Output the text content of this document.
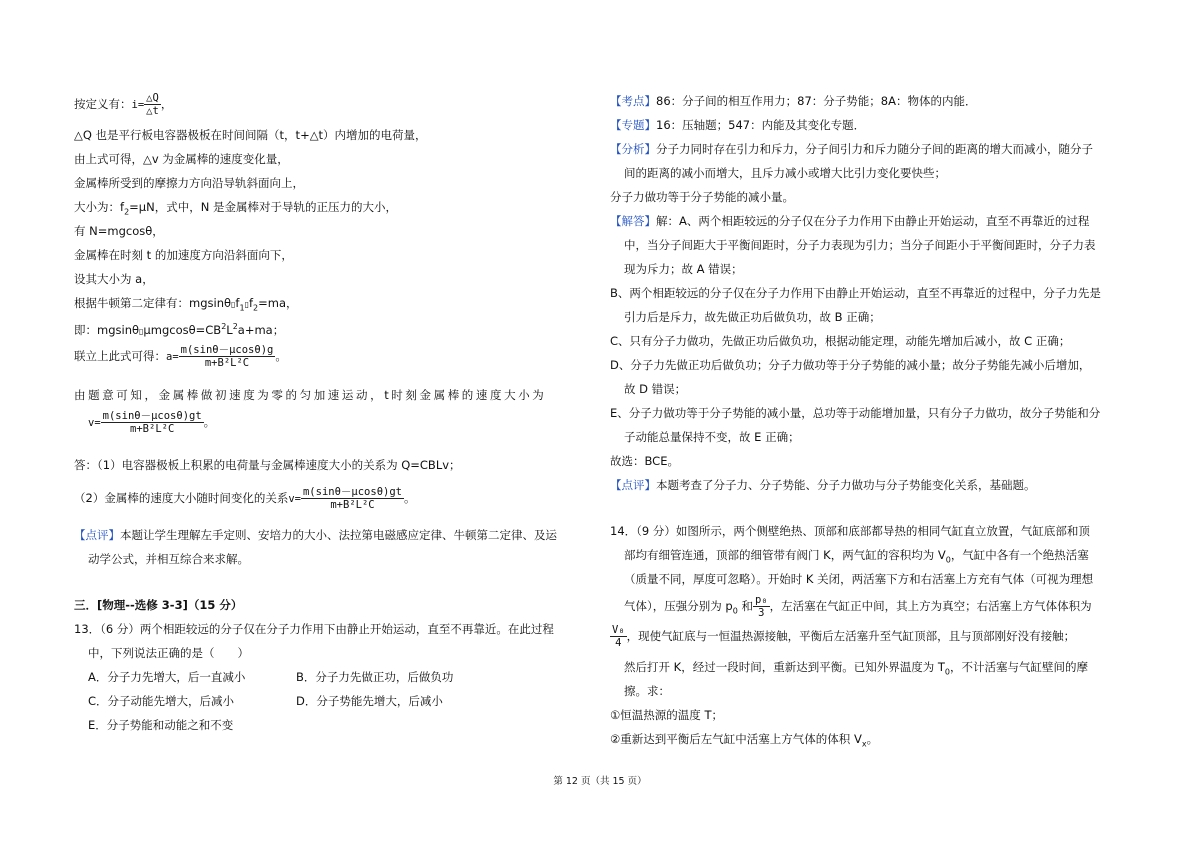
按定义有：$i= \frac{\triangle Q}{\triangle t}$ ，
△Q 也是平行板电容器极板在时间间隔（t，t+△t）内增加的电荷量，
由上式可得，△v 为金属棒的速度变化量，
金属棒所受到的摩擦力方向沿导轨斜面向上，
大小为：$f_2=\mu N$，式中，N 是金属棒对于导轨的正压力的大小，
有 N=mgcosθ，
金属棒在时刻 t 的加速度方向沿斜面向下，
设其大小为 a，
根据牛顿第二定律有：$mgsin\theta▯f_1▯f_2=ma$，
即：$mgsin\theta▯\mu mgcos\theta=CB^2L^2a+ma$；
联立上此式可得：$a= \frac{m(\sin\theta-\mu\cos\theta)g}{\text{m+B²L²C}}$ 。
由题意可知，金属棒做初速度为零的匀加速运动，t时刻金属棒的速度大小为
$v= \frac{m(\sin\theta-\mu\cos\theta)gt}{\text{m+B²L²C}}$ 。
答：（1）电容器极板上积累的电荷量与金属棒速度大小的关系为 Q=CBLv；
（2）金属棒的速度大小随时间变化的关系$v= \frac{m(\sin\theta-\mu\cos\theta)gt}{\text{m+B²L²C}}$ 。
【点评】本题让学生理解左手定则、安培力的大小、法拉第电磁感应定律、牛顿第二定律、及运
动学公式，并相互综合来求解。
三．[物理--选修 3-3]（15 分）
13．（6 分）两个相距较远的分子仅在分子力作用下由静止开始运动，直至不再靠近。在此过程
中，下列说法正确的是（　　）
A．分子力先增大，后一直减小	B．分子力先做正功，后做负功
C．分子动能先增大，后减小	D．分子势能先增大，后减小
E．分子势能和动能之和不变
【考点】86：分子间的相互作用力；87：分子势能；8A：物体的内能．
【专题】16：压轴题；547：内能及其变化专题．
【分析】分子力同时存在引力和斥力，分子间引力和斥力随分子间的距离的增大而减小，随分子
间的距离的减小而增大，且斥力减小或增大比引力变化要快些；
分子力做功等于分子势能的减小量。
【解答】解：A、两个相距较远的分子仅在分子力作用下由静止开始运动，直至不再靠近的过程
中，当分子间距大于平衡间距时，分子力表现为引力；当分子间距小于平衡间距时，分子力表
现为斥力；故 A 错误；
B、两个相距较远的分子仅在分子力作用下由静止开始运动，直至不再靠近的过程中，分子力先是
引力后是斥力，故先做正功后做负功，故 B 正确；
C、只有分子力做功，先做正功后做负功，根据动能定理，动能先增加后减小，故 C 正确；
D、分子力先做正功后做负功；分子力做功等于分子势能的减小量；故分子势能先减小后增加，
故 D 错误；
E、分子力做功等于分子势能的减小量，总功等于动能增加量，只有分子力做功，故分子势能和分
子动能总量保持不变，故 E 正确；
故选：BCE。
【点评】本题考查了分子力、分子势能、分子力做功与分子势能变化关系，基础题。
14．（9 分）如图所示，两个侧壁绝热、顶部和底部都导热的相同气缸直立放置，气缸底部和顶
部均有细管连通，顶部的细管带有阀门 K，两气缸的容积均为 $V_0$，气缸中各有一个绝热活塞
（质量不同，厚度可忽略）。开始时 K 关闭，两活塞下方和右活塞上方充有气体（可视为理想
气体），压强分别为 $p_0$ 和 $\frac{\text{p₀}}{3}$ ，左活塞在气缸正中间，其上方为真空；右活塞上方气体体积为
$\frac{\text{V₀}}{4}$ ，现使气缸底与一恒温热源接触，平衡后左活塞升至气缸顶部，且与顶部刚好没有接触；
然后打开 K，经过一段时间，重新达到平衡。已知外界温度为 $T_0$，不计活塞与气缸壁间的摩
擦。求：
①恒温热源的温度 T；
②重新达到平衡后左气缸中活塞上方气体的体积 $V_x$。
第 12 页（共 15 页）
